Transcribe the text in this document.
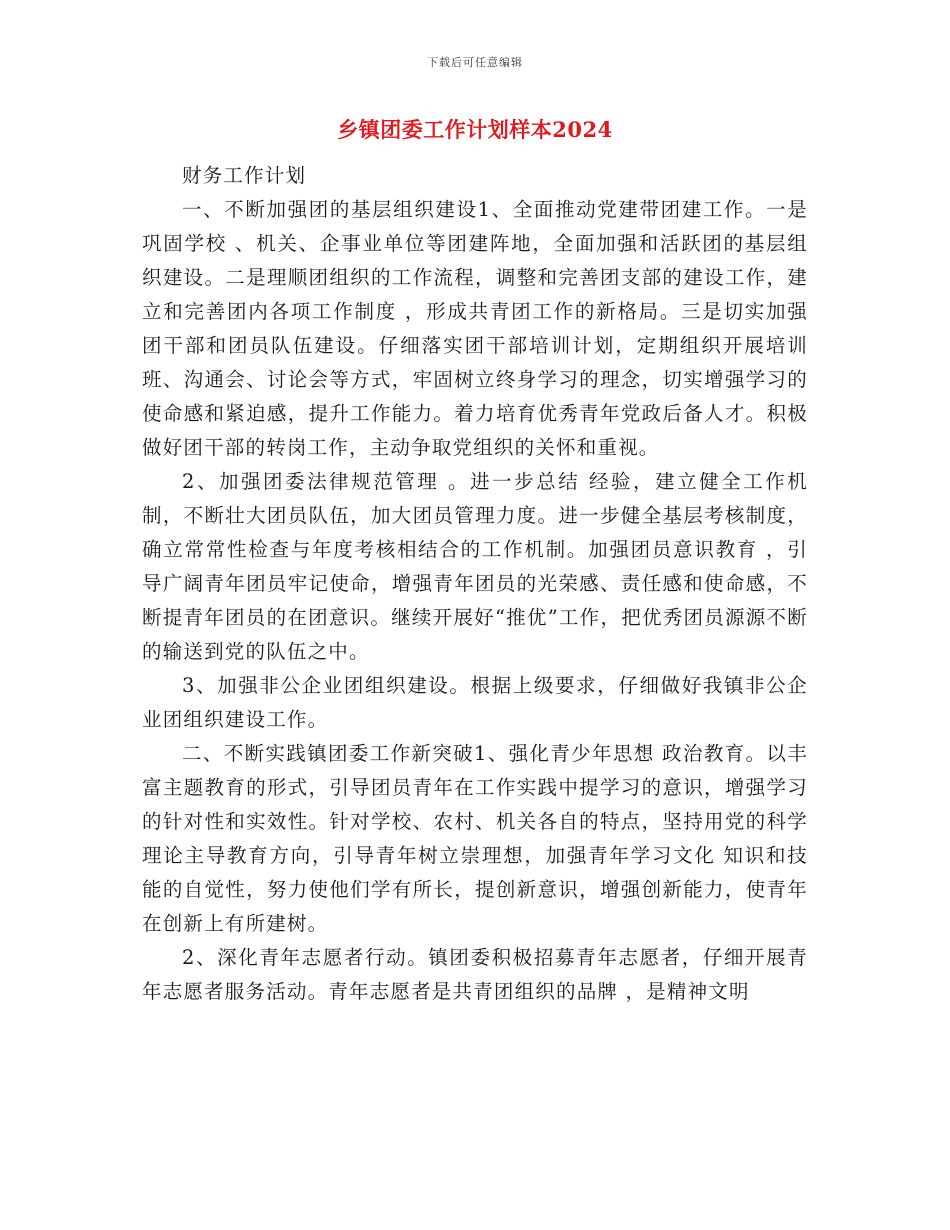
下载后可任意编辑
乡镇团委工作计划样本2024

财务工作计划

一、不断加强团的基层组织建设1、全面推动党建带团建工作。一是巩固学校 、机关、企事业单位等团建阵地，全面加强和活跃团的基层组织建设。二是理顺团组织的工作流程，调整和完善团支部的建设工作，建立和完善团内各项工作制度 ，形成共青团工作的新格局。三是切实加强团干部和团员队伍建设。仔细落实团干部培训计划，定期组织开展培训班、沟通会、讨论会等方式，牢固树立终身学习的理念，切实增强学习的使命感和紧迫感，提升工作能力。着力培育优秀青年党政后备人才。积极做好团干部的转岗工作，主动争取党组织的关怀和重视。

2、加强团委法律规范管理 。进一步总结 经验，建立健全工作机制，不断壮大团员队伍，加大团员管理力度。进一步健全基层考核制度，确立常常性检查与年度考核相结合的工作机制。加强团员意识教育 ，引导广阔青年团员牢记使命，增强青年团员的光荣感、责任感和使命感，不断提青年团员的在团意识。继续开展好“推优”工作，把优秀团员源源不断的输送到党的队伍之中。

3、加强非公企业团组织建设。根据上级要求，仔细做好我镇非公企业团组织建设工作。

二、不断实践镇团委工作新突破1、强化青少年思想 政治教育。以丰富主题教育的形式，引导团员青年在工作实践中提学习的意识，增强学习的针对性和实效性。针对学校、农村、机关各自的特点，坚持用党的科学理论主导教育方向，引导青年树立崇理想，加强青年学习文化 知识和技能的自觉性，努力使他们学有所长，提创新意识，增强创新能力，使青年在创新上有所建树。

2、深化青年志愿者行动。镇团委积极招募青年志愿者，仔细开展青年志愿者服务活动。青年志愿者是共青团组织的品牌 ，是精神文明
